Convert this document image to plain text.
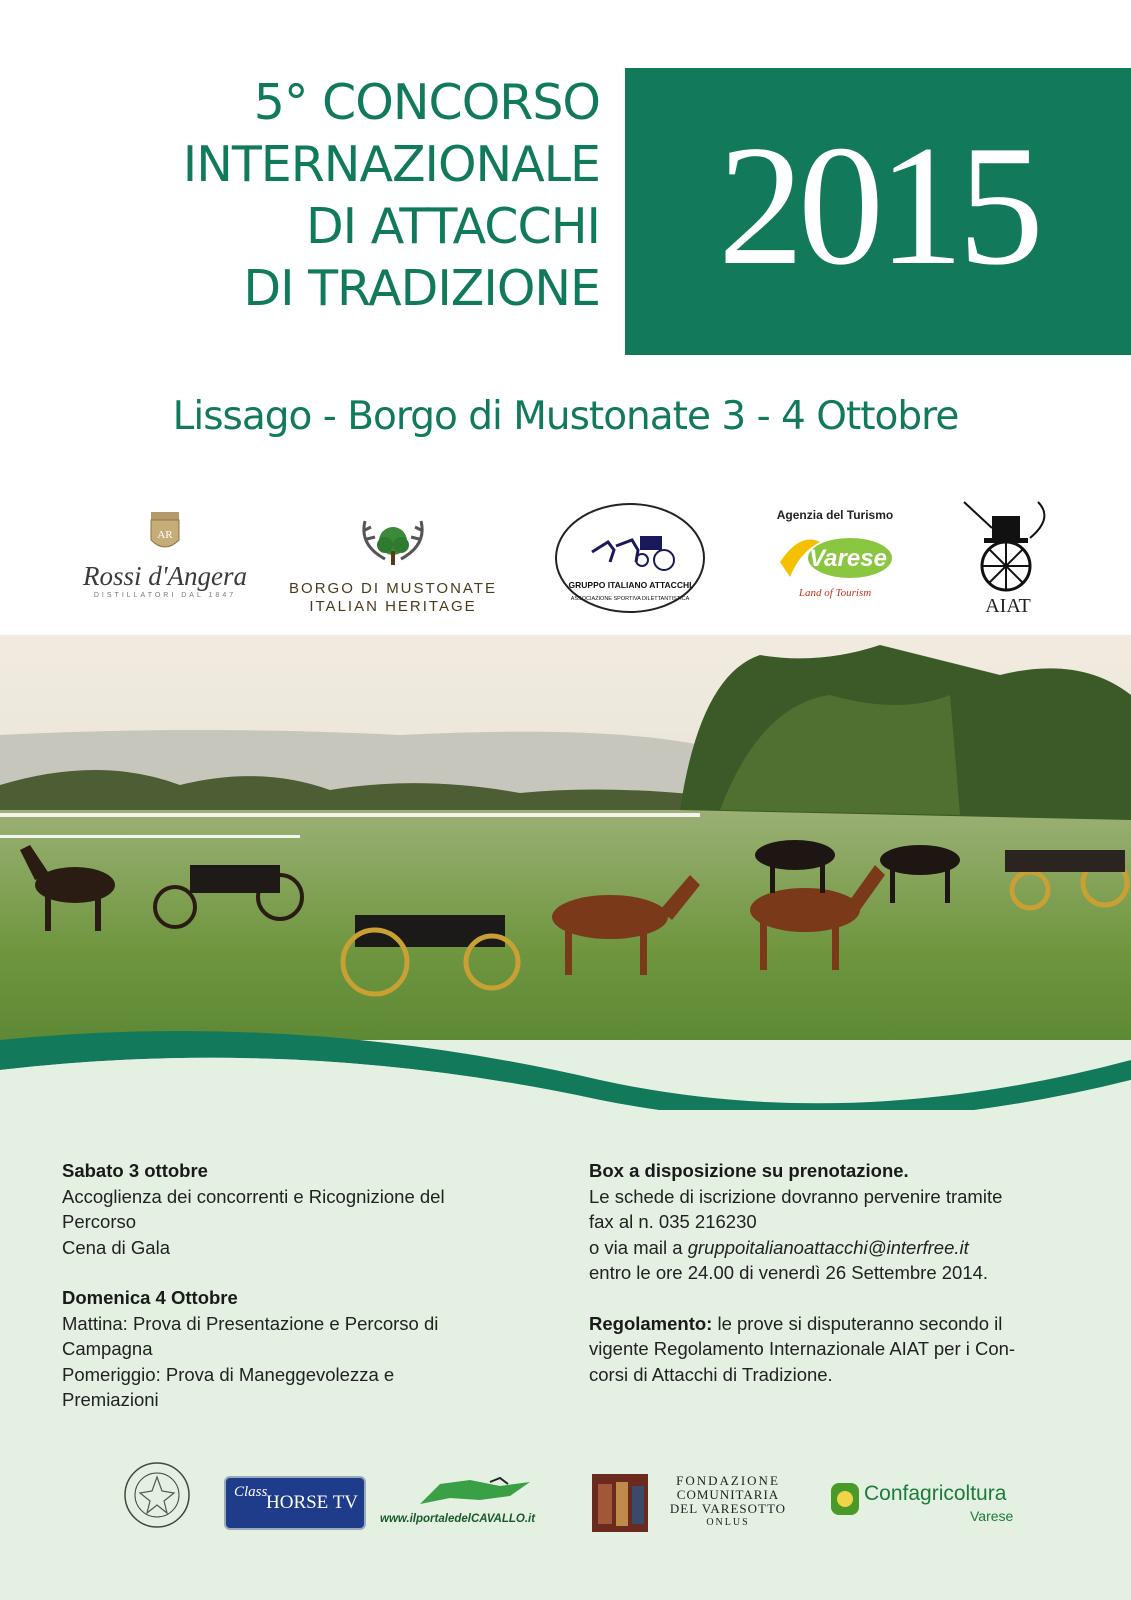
5° CONCORSO
INTERNAZIONALE
DI ATTACCHI
DI TRADIZIONE 2015
Lissago - Borgo di Mustonate 3 - 4 Ottobre
AR
Rossi d'Angera
DISTILLATORI DAL 1847	BORGO DI MUSTONATE
ITALIAN HERITAGE
GRUPPO ITALIANO ATTACCHI
ASSOCIAZIONE SPORTIVA DILETTANTISTICA
Agenzia del Turismo
Varese
Land of Tourism
AIAT

Sabato 3 ottobre

Accoglienza dei concorrenti e Ricognizione del

Percorso

Cena di Gala

Domenica 4 Ottobre

Mattina: Prova di Presentazione e Percorso di

Campagna

Pomeriggio: Prova di Maneggevolezza e

Premiazioni

Box a disposizione su prenotazione.

Le schede di iscrizione dovranno pervenire tramite

fax al n. 035 216230

o via mail a gruppoitalianoattacchi@interfree.it

entro le ore 24.00 di venerdì 26 Settembre 2014.

Regolamento: le prove si disputeranno secondo il

vigente Regolamento Internazionale AIAT per i Con-

corsi di Attacchi di Tradizione.

Class
HORSE TV
www.ilportaledelCAVALLO.it
FONDAZIONE
COMUNITARIA
DEL VARESOTTO
ONLUS
Confagricoltura
Varese
